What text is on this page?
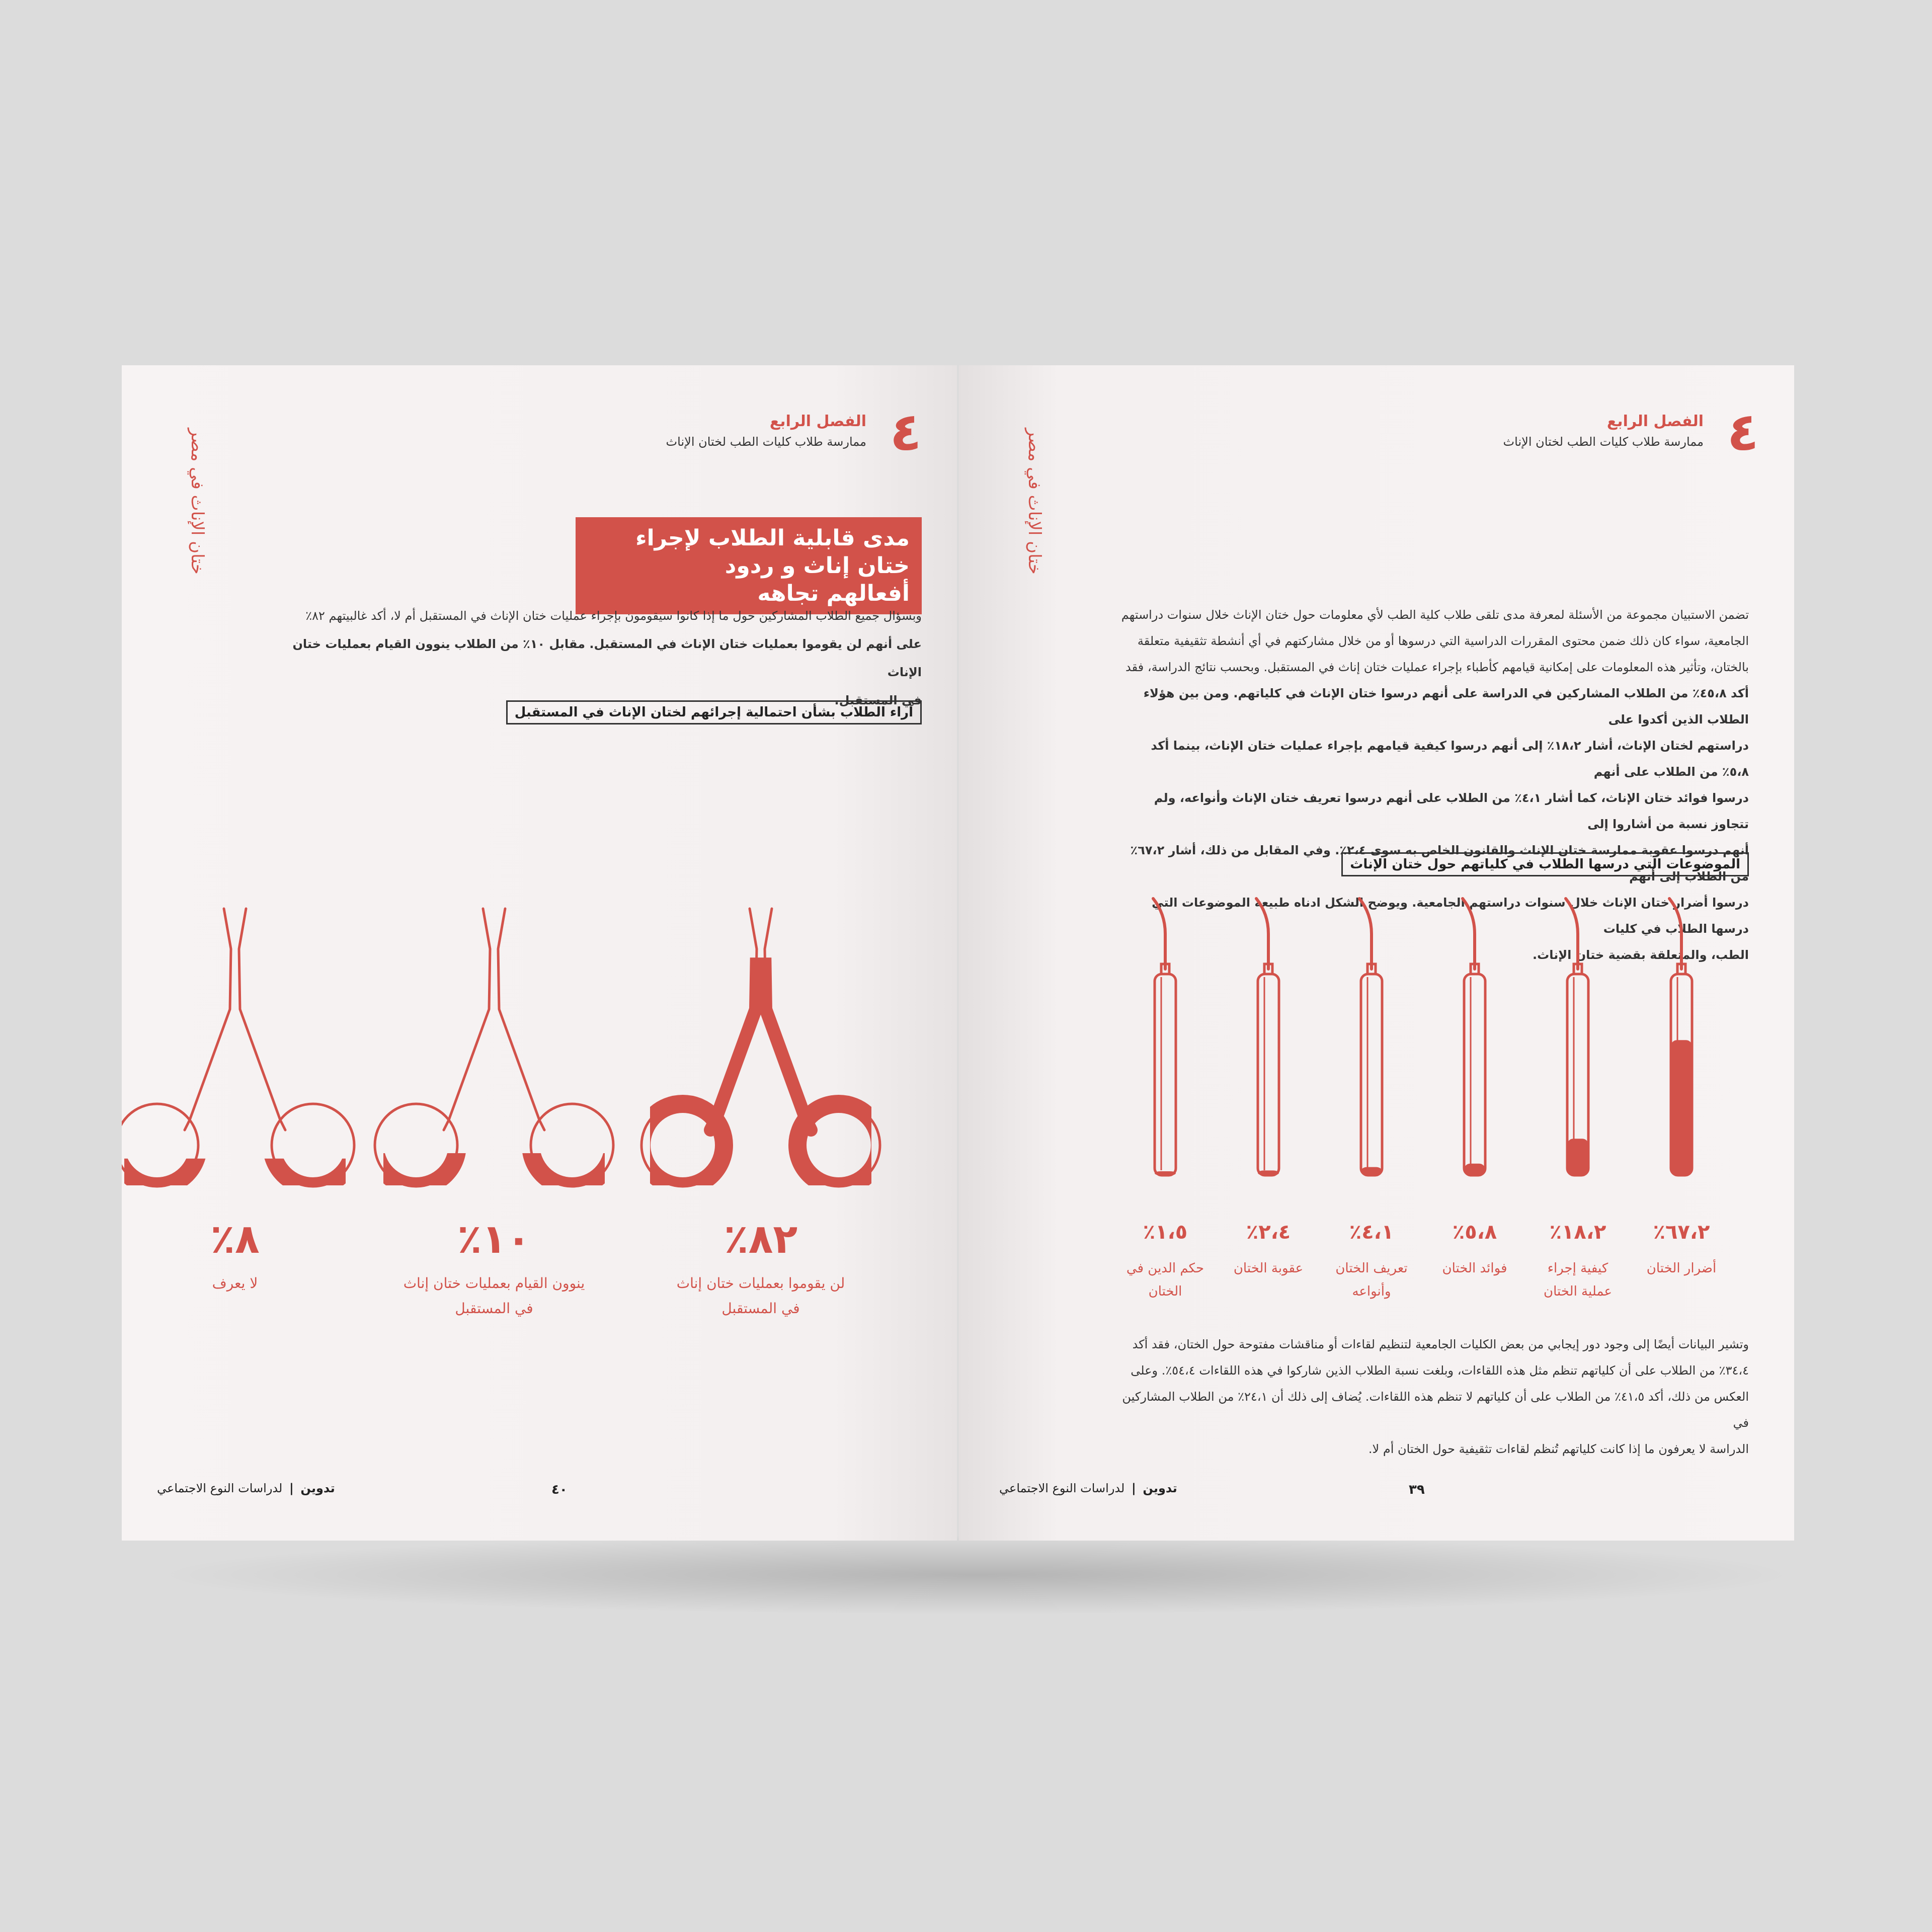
ختان الإناث في مصر	٤
الفصل الرابع
ممارسة طلاب كليات الطب لختان الإناث
مدى قابلية الطلاب لإجراء ختان إناث و ردود
أفعالهم تجاهه
وبسؤال جميع الطلاب المشاركين حول ما إذا كانوا سيقومون بإجراء عمليات ختان الإناث في المستقبل أم لا، أكد غالبيتهم ٨٢٪
على أنهم لن يقوموا بعمليات ختان الإناث في المستقبل. مقابل ١٠٪ من الطلاب ينوون القيام بعمليات ختان الإناث
في المستقبل.
آراء الطلاب بشأن احتمالية إجرائهم لختان الإناث في المستقبل
تدوين | لدراسات النوع الاجتماعي	٤٠
٨٢٪
لن يقوموا بعمليات ختان إناث
في المستقبل
١٠٪
ينوون القيام بعمليات ختان إناث
في المستقبل
٨٪
لا يعرف
ختان الإناث في مصر	٤
الفصل الرابع
ممارسة طلاب كليات الطب لختان الإناث
تضمن الاستبيان مجموعة من الأسئلة لمعرفة مدى تلقى طلاب كلية الطب لأي معلومات حول ختان الإناث خلال سنوات دراستهم
الجامعية، سواء كان ذلك ضمن محتوى المقررات الدراسية التي درسوها أو من خلال مشاركتهم في أي أنشطة تثقيفية متعلقة
بالختان، وتأثير هذه المعلومات على إمكانية قيامهم كأطباء بإجراء عمليات ختان إناث في المستقبل. وبحسب نتائج الدراسة، فقد
أكد ٤٥،٨٪ من الطلاب المشاركين في الدراسة على أنهم درسوا ختان الإناث في كلياتهم. ومن بين هؤلاء الطلاب الذين أكدوا على
دراستهم لختان الإناث، أشار ١٨،٢٪ إلى أنهم درسوا كيفية قيامهم بإجراء عمليات ختان الإناث، بينما أكد ٥،٨٪ من الطلاب على أنهم
درسوا فوائد ختان الإناث، كما أشار ٤،١٪ من الطلاب على أنهم درسوا تعريف ختان الإناث وأنواعه، ولم تتجاوز نسبة من أشاروا إلى
أنهم درسوا عقوبة ممارسة ختان الإناث والقانون الخاص به سوى ٢،٤٪. وفي المقابل من ذلك، أشار ٦٧،٢٪ من الطلاب إلى أنهم
درسوا أضرار ختان الإناث خلال سنوات دراستهم الجامعية. ويوضح الشكل ادناه طبيعة الموضوعات التي درسها الطلاب في كليات
الطب، والمتعلقة بقضية ختان الإناث.
الموضوعات التي درسها الطلاب في كلياتهم حول ختان الإناث
وتشير البيانات أيضًا إلى وجود دور إيجابي من بعض الكليات الجامعية لتنظيم لقاءات أو مناقشات مفتوحة حول الختان، فقد أكد
٣٤،٤٪ من الطلاب على أن كلياتهم تنظم مثل هذه اللقاءات، وبلغت نسبة الطلاب الذين شاركوا في هذه اللقاءات ٥٤،٤٪. وعلى
العكس من ذلك، أكد ٤١،٥٪ من الطلاب على أن كلياتهم لا تنظم هذه اللقاءات. يُضاف إلى ذلك أن ٢٤،١٪ من الطلاب المشاركين في
الدراسة لا يعرفون ما إذا كانت كلياتهم تُنظم لقاءات تثقيفية حول الختان أم لا.
تدوين | لدراسات النوع الاجتماعي	٣٩
٦٧،٢٪
أضرار الختان
١٨،٢٪
كيفية إجراء
عملية الختان
٥،٨٪
فوائد الختان
٤،١٪
تعريف الختان
وأنواعه
٢،٤٪
عقوبة الختان
١،٥٪
حكم الدين في
الختان
